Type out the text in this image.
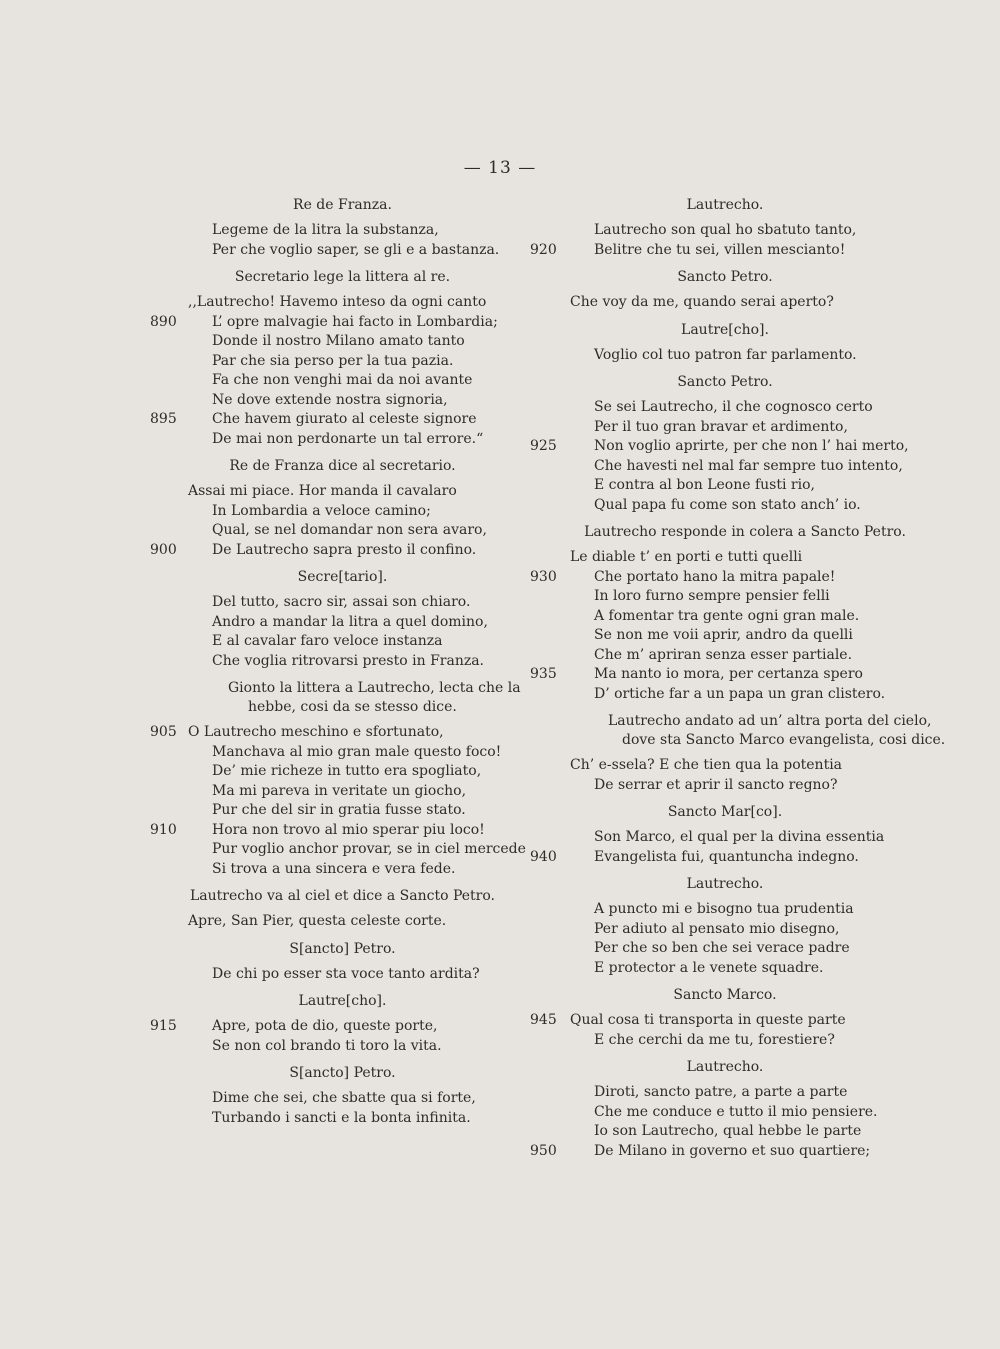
— 13 —
Re de Franza.
Legeme de la litra la substanza,
Per che voglio saper, se gli e a bastanza.
Secretario lege la littera al re.
,,Lautrecho! Havemo inteso da ogni canto
890	L’ opre malvagie hai facto in Lombardia;
Donde il nostro Milano amato tanto
Par che sia perso per la tua pazia.
Fa che non venghi mai da noi avante
Ne dove extende nostra signoria,
895	Che havem giurato al celeste signore
De mai non perdonarte un tal errore.“
Re de Franza dice al secretario.
Assai mi piace. Hor manda il cavalaro
In Lombardia a veloce camino;
Qual, se nel domandar non sera avaro,
900	De Lautrecho sapra presto il confino.
Secre[tario].
Del tutto, sacro sir, assai son chiaro.
Andro a mandar la litra a quel domino,
E al cavalar faro veloce instanza
Che voglia ritrovarsi presto in Franza.
Gionto la littera a Lautrecho, lecta che la
hebbe, cosi da se stesso dice.
905 O Lautrecho meschino e sfortunato,
Manchava al mio gran male questo foco!
De’ mie richeze in tutto era spogliato,
Ma mi pareva in veritate un giocho,
Pur che del sir in gratia fusse stato.
910	Hora non trovo al mio sperar piu loco!
Pur voglio anchor provar, se in ciel mercede
Si trova a una sincera e vera fede.
Lautrecho va al ciel et dice a Sancto Petro.
Apre, San Pier, questa celeste corte.
S[ancto] Petro.
De chi po esser sta voce tanto ardita?
Lautre[cho].
915	Apre, pota de dio, queste porte,
Se non col brando ti toro la vita.
S[ancto] Petro.
Dime che sei, che sbatte qua si forte,
Turbando i sancti e la bonta infinita.
Lautrecho.
Lautrecho son qual ho sbatuto tanto,
920	Belitre che tu sei, villen mescianto!
Sancto Petro.
Che voy da me, quando serai aperto?
Lautre[cho].
Voglio col tuo patron far parlamento.
Sancto Petro.
Se sei Lautrecho, il che cognosco certo
Per il tuo gran bravar et ardimento,
925	Non voglio aprirte, per che non l’ hai merto,
Che havesti nel mal far sempre tuo intento,
E contra al bon Leone fusti rio,
Qual papa fu come son stato anch’ io.
Lautrecho responde in colera a Sancto Petro.
Le diable t’ en porti e tutti quelli
930	Che portato hano la mitra papale!
In loro furno sempre pensier felli
A fomentar tra gente ogni gran male.
Se non me voii aprir, andro da quelli
Che m’ apriran senza esser partiale.
935	Ma nanto io mora, per certanza spero
D’ ortiche far a un papa un gran clistero.
Lautrecho andato ad un’ altra porta del cielo,
dove sta Sancto Marco evangelista, cosi dice.
Ch’ e-ssela? E che tien qua la potentia
De serrar et aprir il sancto regno?
Sancto Mar[co].
Son Marco, el qual per la divina essentia
940	Evangelista fui, quantuncha indegno.
Lautrecho.
A puncto mi e bisogno tua prudentia
Per adiuto al pensato mio disegno,
Per che so ben che sei verace padre
E protector a le venete squadre.
Sancto Marco.
945 Qual cosa ti transporta in queste parte
E che cerchi da me tu, forestiere?
Lautrecho.
Diroti, sancto patre, a parte a parte
Che me conduce e tutto il mio pensiere.
Io son Lautrecho, qual hebbe le parte
950	De Milano in governo et suo quartiere;
